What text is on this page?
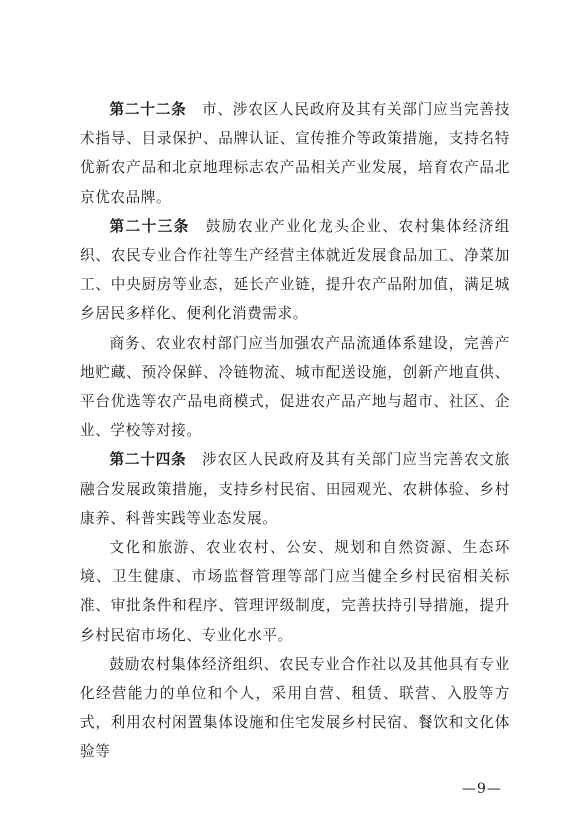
第二十二条　 市、涉农区人民政府及其有关部门应当完善技术指导、目录保护、品牌认证、宣传推介等政策措施，支持名特优新农产品和北京地理标志农产品相关产业发展，培育农产品北京优农品牌。

第二十三条　 鼓励农业产业化龙头企业、农村集体经济组织、农民专业合作社等生产经营主体就近发展食品加工、净菜加工、中央厨房等业态，延长产业链，提升农产品附加值，满足城乡居民多样化、便利化消费需求。

商务、农业农村部门应当加强农产品流通体系建设，完善产地贮藏、预冷保鲜、冷链物流、城市配送设施，创新产地直供、平台优选等农产品电商模式，促进农产品产地与超市、社区、企业、学校等对接。

第二十四条　 涉农区人民政府及其有关部门应当完善农文旅融合发展政策措施，支持乡村民宿、田园观光、农耕体验、乡村康养、科普实践等业态发展。

文化和旅游、农业农村、公安、规划和自然资源、生态环境、卫生健康、市场监督管理等部门应当健全乡村民宿相关标准、审批条件和程序、管理评级制度，完善扶持引导措施，提升乡村民宿市场化、专业化水平。

鼓励农村集体经济组织、农民专业合作社以及其他具有专业化经营能力的单位和个人，采用自营、租赁、联营、入股等方式，利用农村闲置集体设施和住宅发展乡村民宿、餐饮和文化体验等

—9—
